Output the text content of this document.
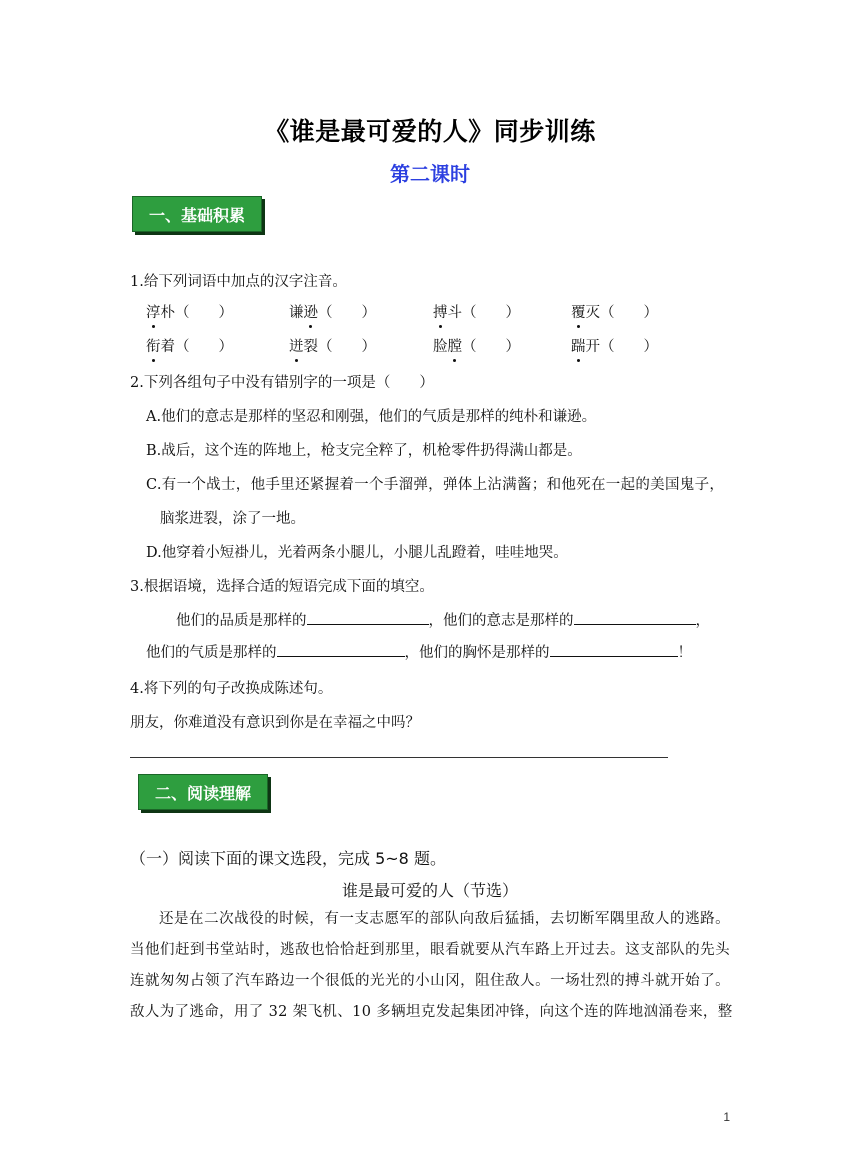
《谁是最可爱的人》同步训练
第二课时
一、基础积累
1.给下列词语中加点的汉字注音。
淳朴（　　）	谦逊（　　）	搏斗（　　）	覆灭（　　）
衔着（　　）	迸裂（　　）	脸膛（　　）	踹开（　　）
2.下列各组句子中没有错别字的一项是（　　）
A.他们的意志是那样的坚忍和刚强，他们的气质是那样的纯朴和谦逊。
B.战后，这个连的阵地上，枪支完全粹了，机枪零件扔得满山都是。
C.有一个战士，他手里还紧握着一个手溜弹，弹体上沾满酱；和他死在一起的美国鬼子，
脑浆进裂，涂了一地。
D.他穿着小短褂儿，光着两条小腿儿，小腿儿乱蹬着，哇哇地哭。
3.根据语境，选择合适的短语完成下面的填空。
他们的品质是那样的	，他们的意志是那样的	，
他们的气质是那样的	，他们的胸怀是那样的	！
4.将下列的句子改换成陈述句。
朋友，你难道没有意识到你是在幸福之中吗？
二、阅读理解
（一）阅读下面的课文选段，完成 5~8 题。
谁是最可爱的人（节选）
还是在二次战役的时候，有一支志愿军的部队向敌后猛插，去切断军隅里敌人的逃路。
当他们赶到书堂站时，逃敌也恰恰赶到那里，眼看就要从汽车路上开过去。这支部队的先头
连就匆匆占领了汽车路边一个很低的光光的小山冈，阻住敌人。一场壮烈的搏斗就开始了。
敌人为了逃命，用了 32 架飞机、10 多辆坦克发起集团冲锋，向这个连的阵地汹涌卷来，整
1
